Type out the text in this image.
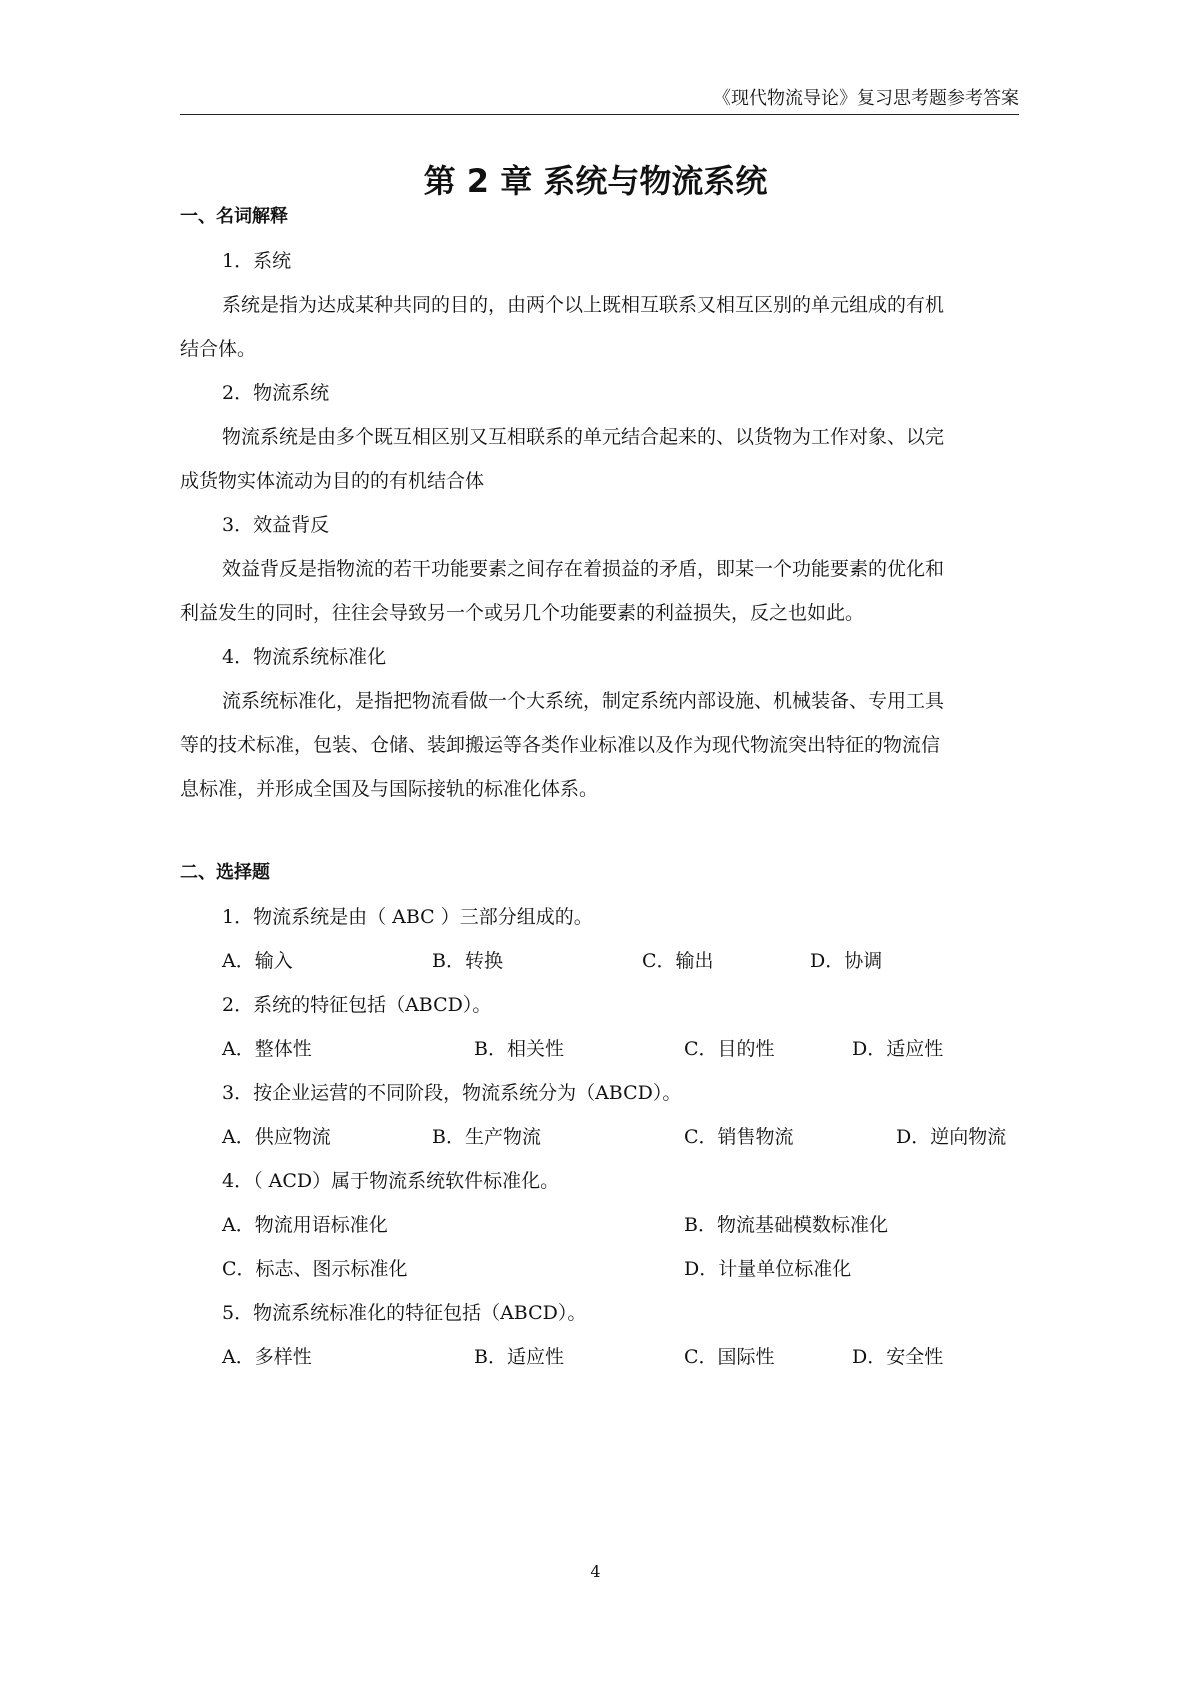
《现代物流导论》复习思考题参考答案
第 2 章 系统与物流系统
一、名词解释
1．系统
系统是指为达成某种共同的目的，由两个以上既相互联系又相互区别的单元组成的有机
结合体。
2．物流系统
物流系统是由多个既互相区别又互相联系的单元结合起来的、以货物为工作对象、以完
成货物实体流动为目的的有机结合体
3．效益背反
效益背反是指物流的若干功能要素之间存在着损益的矛盾，即某一个功能要素的优化和
利益发生的同时，往往会导致另一个或另几个功能要素的利益损失，反之也如此。
4．物流系统标准化
流系统标准化，是指把物流看做一个大系统，制定系统内部设施、机械装备、专用工具
等的技术标准，包装、仓储、装卸搬运等各类作业标准以及作为现代物流突出特征的物流信
息标准，并形成全国及与国际接轨的标准化体系。
二、选择题
1．物流系统是由（ ABC ）三部分组成的。
A．输入	B．转换	C．输出	D．协调
2．系统的特征包括（ABCD）。
A．整体性	B．相关性	C．目的性	D．适应性
3．按企业运营的不同阶段，物流系统分为（ABCD）。
A．供应物流	B．生产物流	C．销售物流	D．逆向物流
4．（ ACD）属于物流系统软件标准化。
A．物流用语标准化	B．物流基础模数标准化
C．标志、图示标准化	D．计量单位标准化
5．物流系统标准化的特征包括（ABCD）。
A．多样性	B．适应性	C．国际性	D．安全性
4
